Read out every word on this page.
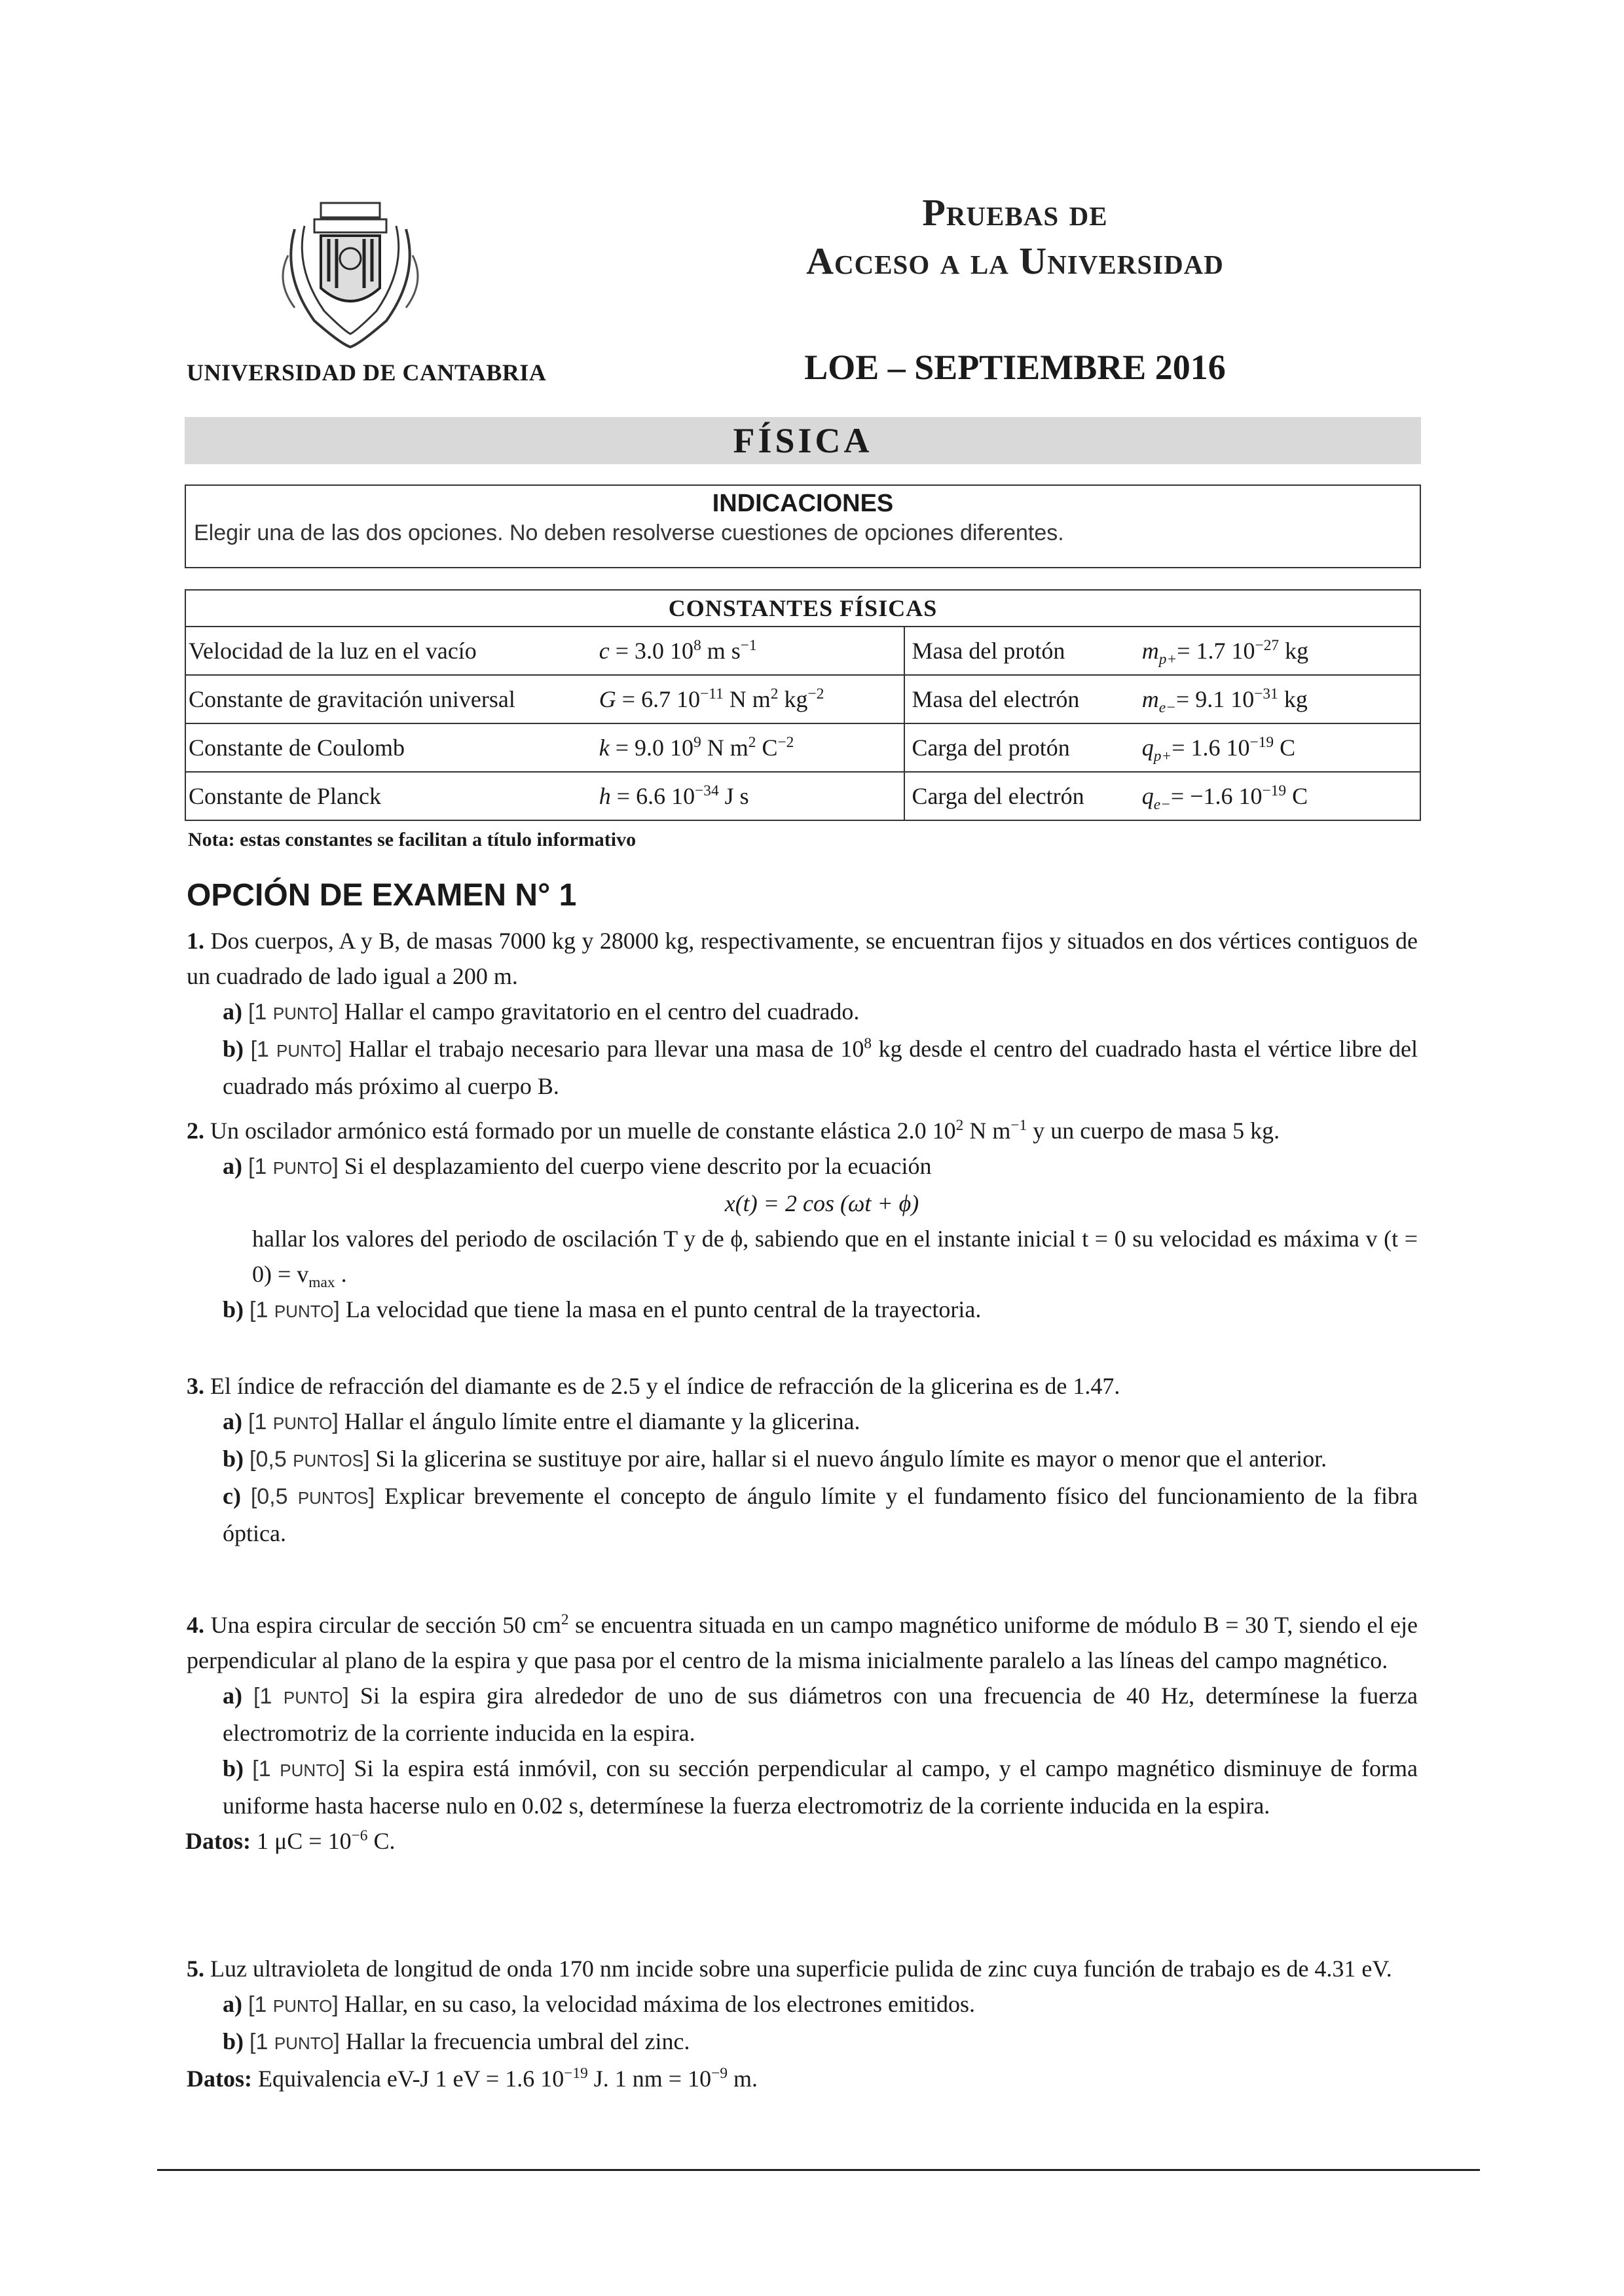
UNIVERSIDAD DE CANTABRIA
Pruebas de
Acceso a la Universidad
LOE – SEPTIEMBRE 2016
FÍSICA
INDICACIONES
Elegir una de las dos opciones. No deben resolverse cuestiones de opciones diferentes.
CONSTANTES FÍSICAS			
Velocidad de la luz en el vacío	c = 3.0 $10^8$ m $s^{-1}$	Masa del protón	$m_{p+}= 1.7$ $10^{-27}$ kg
Constante de gravitación universal	G = 6.7 $10^{-11}$ N $m^2$ $kg^{-2}$	Masa del electrón	$m_{e-}= 9.1$ $10^{-31}$ kg
Constante de Coulomb	k = 9.0 $10^9$ N $m^2$ $C^{-2}$	Carga del protón	$q_{p+}= 1.6$ $10^{-19}$ C
Constante de Planck	h = 6.6 $10^{-34}$ J s	Carga del electrón	$q_{e-}= -1.6$ $10^{-19}$ C
Nota: estas constantes se facilitan a título informativo
OPCIÓN DE EXAMEN N° 1

1. Dos cuerpos, A y B, de masas 7000 kg y 28000 kg, respectivamente, se encuentran fijos y situados en dos vértices contiguos de un cuadrado de lado igual a 200 m.

a) [1 PUNTO] Hallar el campo gravitatorio en el centro del cuadrado.

b) [1 PUNTO] Hallar el trabajo necesario para llevar una masa de $10^8$ kg desde el centro del cuadrado hasta el vértice libre del cuadrado más próximo al cuerpo B.

2. Un oscilador armónico está formado por un muelle de constante elástica 2.0 $10^2$ N $m^{-1}$ y un cuerpo de masa 5 kg.

a) [1 PUNTO] Si el desplazamiento del cuerpo viene descrito por la ecuación

x(t) = 2 cos (ωt + ϕ)

hallar los valores del periodo de oscilación T y de ϕ, sabiendo que en el instante inicial t = 0 su velocidad es máxima v $(t = 0) = v_{max}$ .

b) [1 PUNTO] La velocidad que tiene la masa en el punto central de la trayectoria.

3. El índice de refracción del diamante es de 2.5 y el índice de refracción de la glicerina es de 1.47.

a) [1 PUNTO] Hallar el ángulo límite entre el diamante y la glicerina.

b) [0,5 PUNTOS] Si la glicerina se sustituye por aire, hallar si el nuevo ángulo límite es mayor o menor que el anterior.

c) [0,5 PUNTOS] Explicar brevemente el concepto de ángulo límite y el fundamento físico del funcionamiento de la fibra óptica.

4. Una espira circular de sección 50 $cm^2$ se encuentra situada en un campo magnético uniforme de módulo B = 30 T, siendo el eje perpendicular al plano de la espira y que pasa por el centro de la misma inicialmente paralelo a las líneas del campo magnético.

a) [1 PUNTO] Si la espira gira alrededor de uno de sus diámetros con una frecuencia de 40 Hz, determínese la fuerza electromotriz de la corriente inducida en la espira.

b) [1 PUNTO] Si la espira está inmóvil, con su sección perpendicular al campo, y el campo magnético disminuye de forma uniforme hasta hacerse nulo en 0.02 s, determínese la fuerza electromotriz de la corriente inducida en la espira.

Datos: 1 $\mu C = 10^{-6}$ C.

5. Luz ultravioleta de longitud de onda 170 nm incide sobre una superficie pulida de zinc cuya función de trabajo es de 4.31 eV.

a) [1 PUNTO] Hallar, en su caso, la velocidad máxima de los electrones emitidos.

b) [1 PUNTO] Hallar la frecuencia umbral del zinc.

Datos: Equivalencia eV-J 1 eV = 1.6 $10^{-19}$ J. 1 nm = $10^{-9}$ m.
